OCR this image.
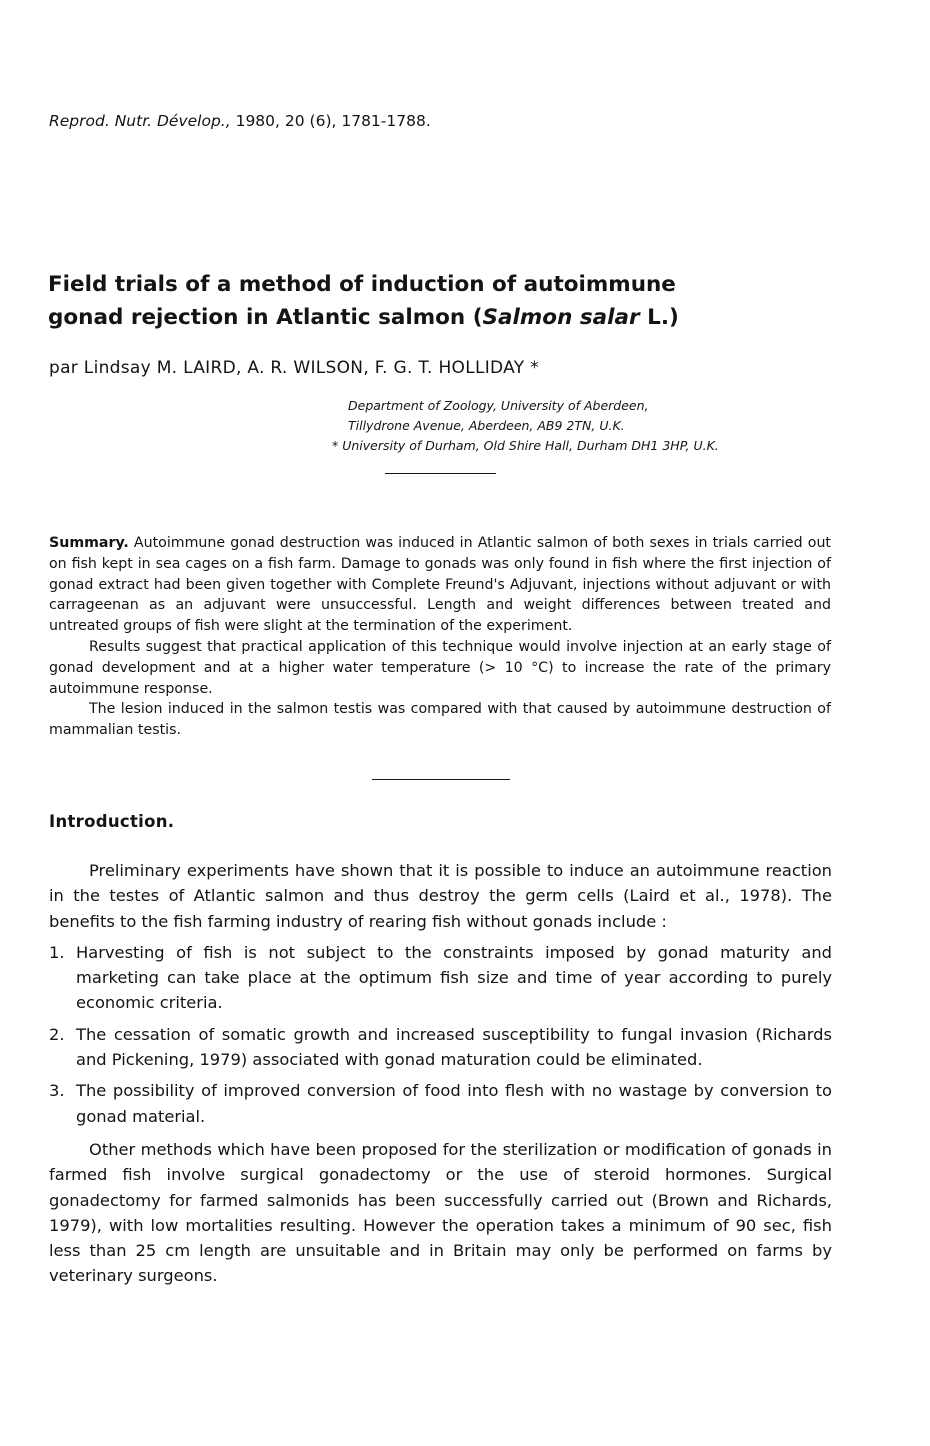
Reprod. Nutr. Dévelop., 1980, 20 (6), 1781-1788.
Field trials of a method of induction of autoimmune
gonad rejection in Atlantic salmon (Salmon salar L.)
par Lindsay M. LAIRD, A. R. WILSON, F. G. T. HOLLIDAY *
Department of Zoology, University of Aberdeen,
Tillydrone Avenue, Aberdeen, AB9 2TN, U.K.
* University of Durham, Old Shire Hall, Durham DH1 3HP, U.K.

Summary. Autoimmune gonad destruction was induced in Atlantic salmon of both sexes in trials carried out on fish kept in sea cages on a fish farm. Damage to gonads was only found in fish where the first injection of gonad extract had been given together with Complete Freund's Adjuvant, injections without adjuvant or with carrageenan as an adjuvant were unsuccessful. Length and weight differences between treated and untreated groups of fish were slight at the termination of the experiment.

Results suggest that practical application of this technique would involve injection at an early stage of gonad development and at a higher water temperature (> 10 °C) to increase the rate of the primary autoimmune response.

The lesion induced in the salmon testis was compared with that caused by autoimmune destruction of mammalian testis.

Introduction.

Preliminary experiments have shown that it is possible to induce an autoimmune reaction in the testes of Atlantic salmon and thus destroy the germ cells (Laird et al., 1978). The benefits to the fish farming industry of rearing fish without gonads include :

1. Harvesting of fish is not subject to the constraints imposed by gonad maturity and marketing can take place at the optimum fish size and time of year according to purely economic criteria.
2. The cessation of somatic growth and increased susceptibility to fungal invasion (Richards and Pickening, 1979) associated with gonad maturation could be eliminated.
3. The possibility of improved conversion of food into flesh with no wastage by conversion to gonad material.

Other methods which have been proposed for the sterilization or modification of gonads in farmed fish involve surgical gonadectomy or the use of steroid hormones. Surgical gonadectomy for farmed salmonids has been successfully carried out (Brown and Richards, 1979), with low mortalities resulting. However the operation takes a minimum of 90 sec, fish less than 25 cm length are unsuitable and in Britain may only be performed on farms by veterinary surgeons.
